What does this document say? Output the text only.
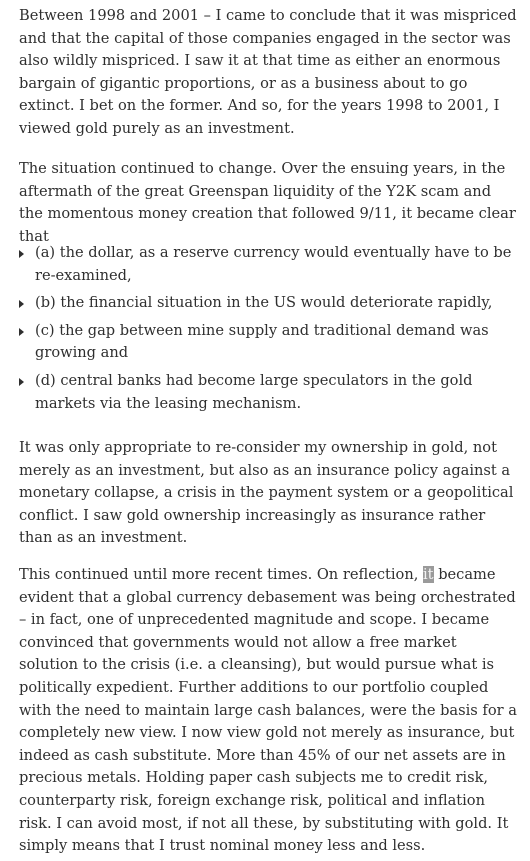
Between 1998 and 2001 – I came to conclude that it was mispriced and that the capital of those companies engaged in the sector was also wildly mispriced. I saw it at that time as either an enormous bargain of gigantic proportions, or as a business about to go extinct. I bet on the former. And so, for the years 1998 to 2001, I viewed gold purely as an investment.

The situation continued to change. Over the ensuing years, in the aftermath of the great Greenspan liquidity of the Y2K scam and the momentous money creation that followed 9/11, it became clear that

(a) the dollar, as a reserve currency would eventually have to be re-examined,
(b) the financial situation in the US would deteriorate rapidly,
(c) the gap between mine supply and traditional demand was growing and
(d) central banks had become large speculators in the gold markets via the leasing mechanism.

It was only appropriate to re-consider my ownership in gold, not merely as an investment, but also as an insurance policy against a monetary collapse, a crisis in the payment system or a geopolitical conflict. I saw gold ownership increasingly as insurance rather than as an investment.

This continued until more recent times. On reflection, it became evident that a global currency debasement was being orchestrated – in fact, one of unprecedented magnitude and scope. I became convinced that governments would not allow a free market solution to the crisis (i.e. a cleansing), but would pursue what is politically expedient. Further additions to our portfolio coupled with the need to maintain large cash balances, were the basis for a completely new view. I now view gold not merely as insurance, but indeed as cash substitute. More than 45% of our net assets are in precious metals. Holding paper cash subjects me to credit risk, counterparty risk, foreign exchange risk, political and inflation risk. I can avoid most, if not all these, by substituting with gold. It simply means that I trust nominal money less and less.
